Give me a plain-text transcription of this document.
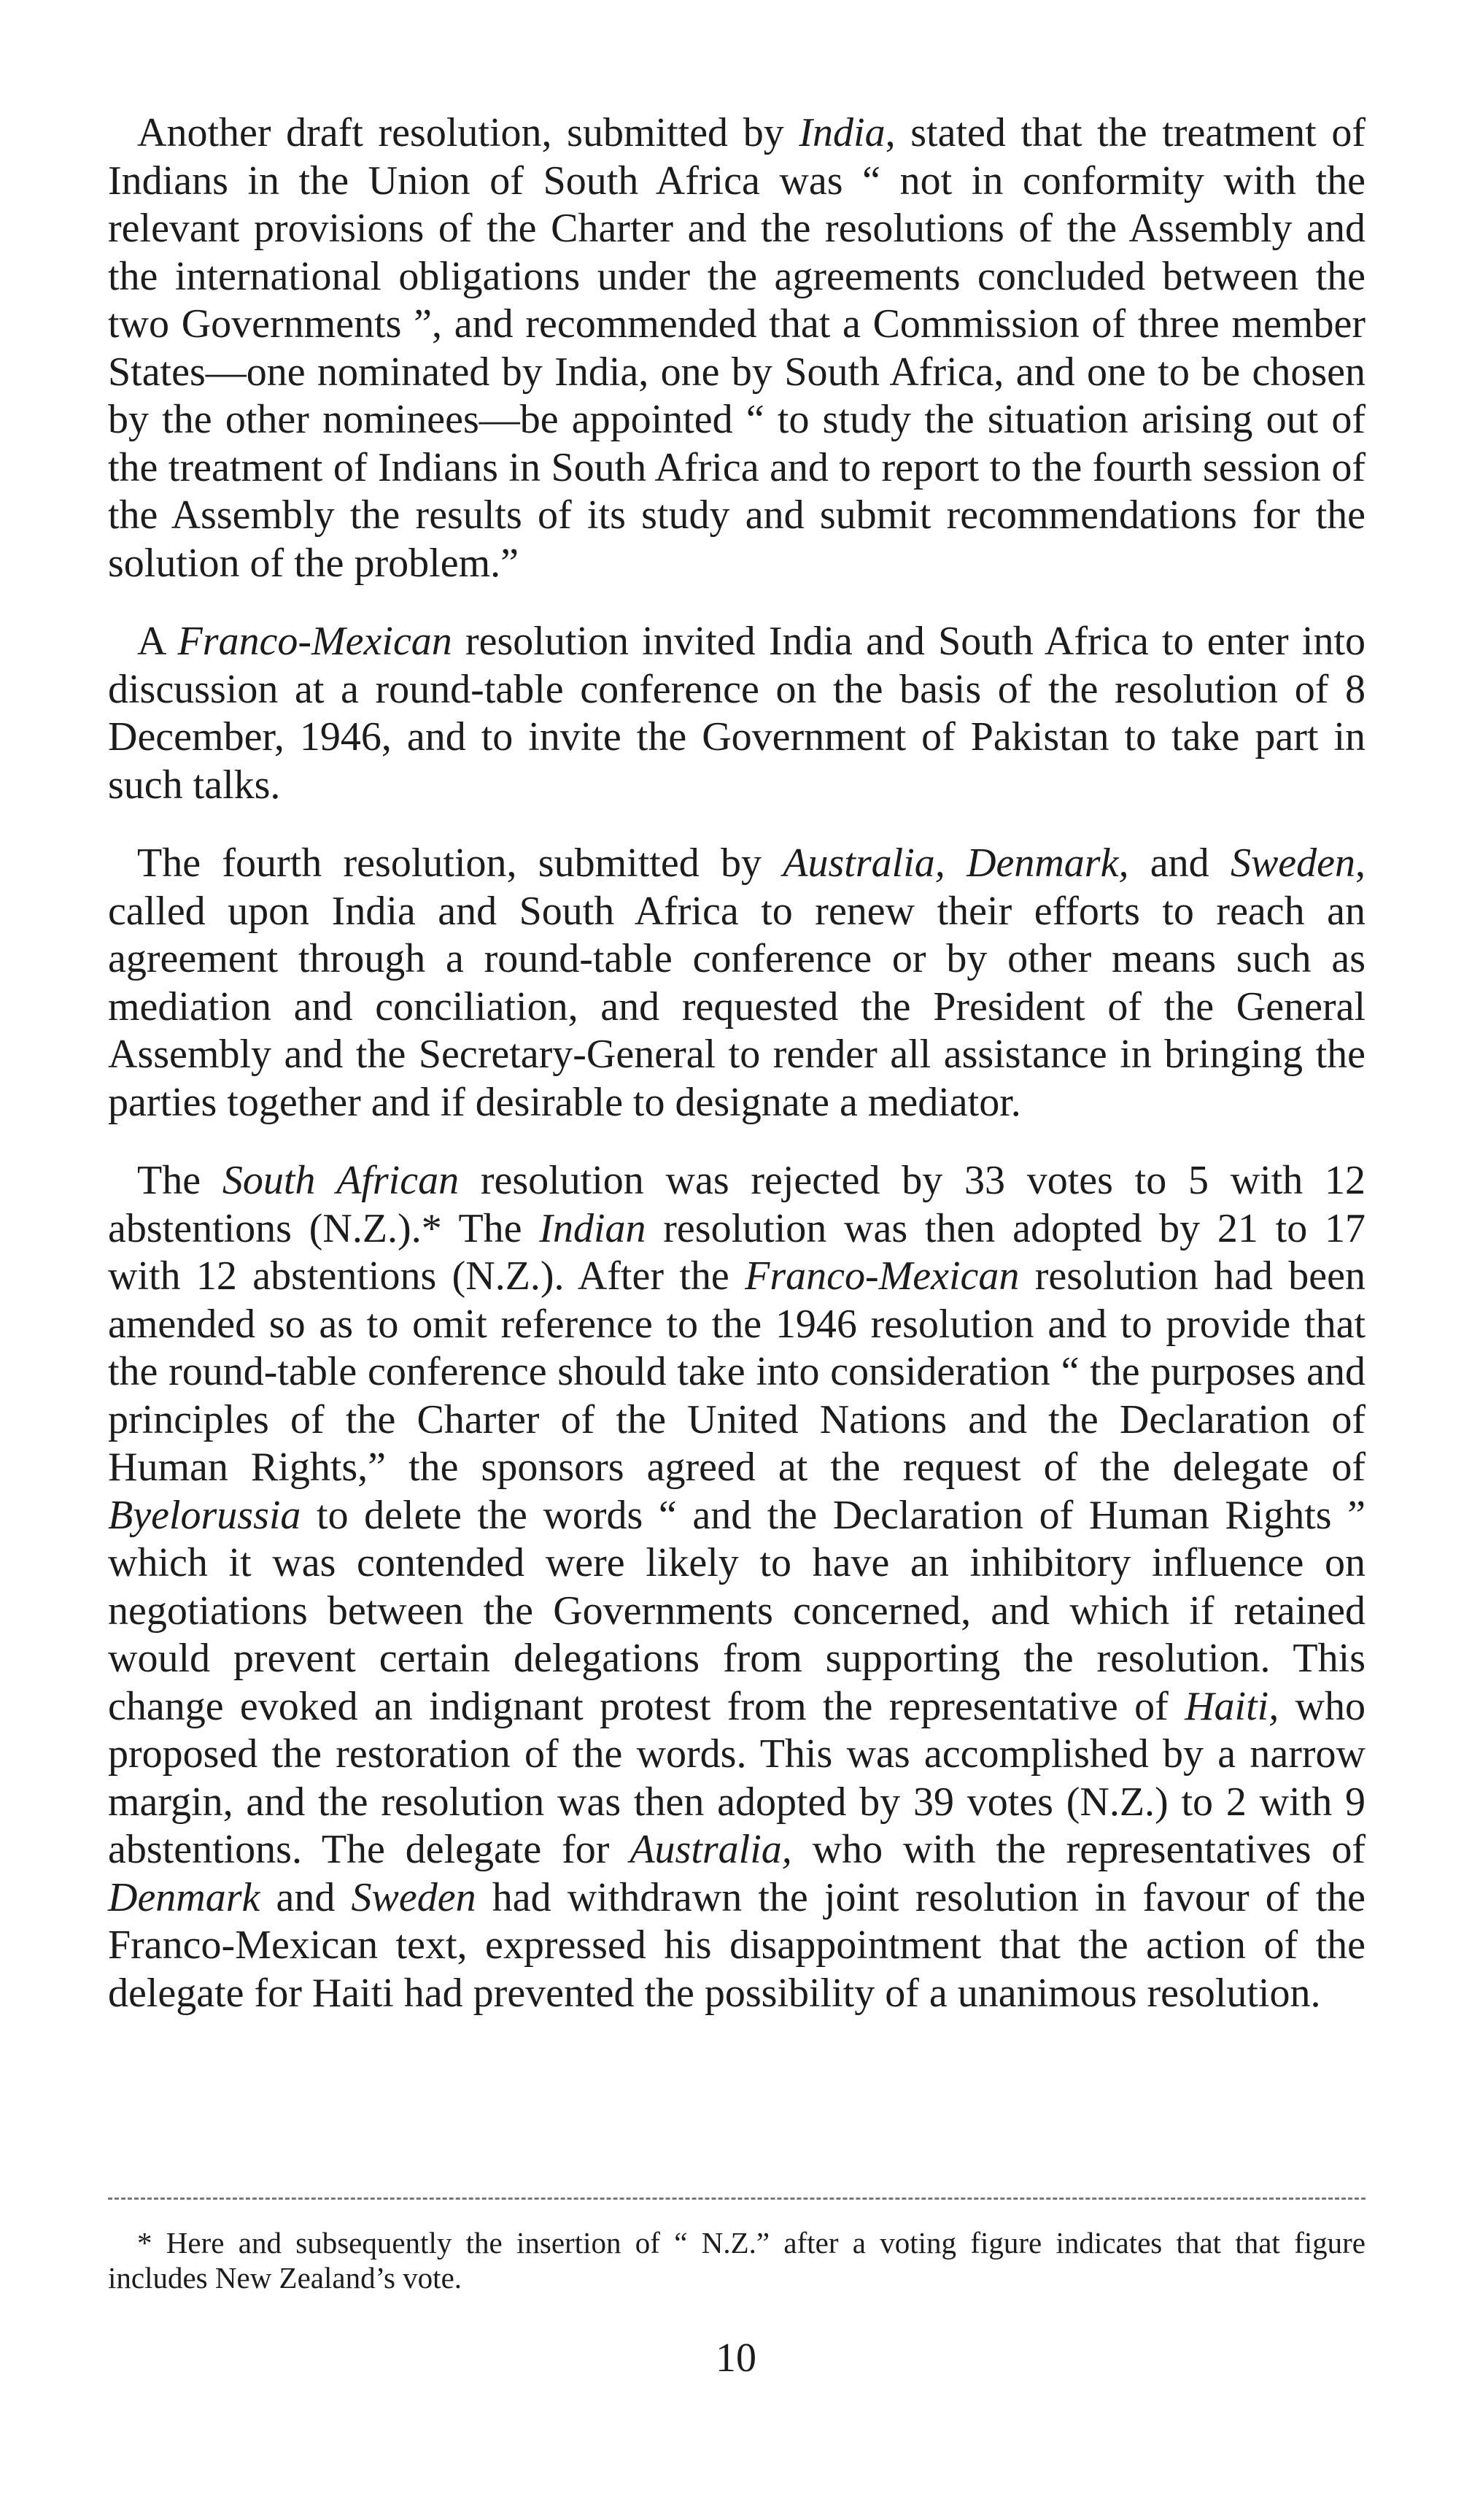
Another draft resolution, submitted by India, stated that the treatment of Indians in the Union of South Africa was “ not in conformity with the relevant provisions of the Charter and the resolutions of the Assembly and the international obligations under the agreements concluded between the two Governments ”, and recommended that a Commission of three member States—one nominated by India, one by South Africa, and one to be chosen by the other nominees—be appointed “ to study the situation arising out of the treatment of Indians in South Africa and to report to the fourth session of the Assembly the results of its study and submit recommendations for the solution of the problem.”

A Franco-Mexican resolution invited India and South Africa to enter into discussion at a round-table conference on the basis of the resolution of 8 December, 1946, and to invite the Government of Pakistan to take part in such talks.

The fourth resolution, submitted by Australia, Denmark, and Sweden, called upon India and South Africa to renew their efforts to reach an agreement through a round-table conference or by other means such as mediation and conciliation, and requested the President of the General Assembly and the Secretary-General to render all assistance in bringing the parties together and if desirable to designate a mediator.

The South African resolution was rejected by 33 votes to 5 with 12 abstentions (N.Z.).* The Indian resolution was then adopted by 21 to 17 with 12 abstentions (N.Z.). After the Franco-Mexican resolution had been amended so as to omit reference to the 1946 resolution and to provide that the round-table conference should take into consideration “ the purposes and principles of the Charter of the United Nations and the Declaration of Human Rights,” the sponsors agreed at the request of the delegate of Byelorussia to delete the words “ and the Declaration of Human Rights ” which it was contended were likely to have an inhibitory influence on negotiations between the Governments concerned, and which if retained would prevent certain delegations from supporting the resolution. This change evoked an indignant protest from the representative of Haiti, who proposed the restoration of the words. This was accomplished by a narrow margin, and the resolution was then adopted by 39 votes (N.Z.) to 2 with 9 abstentions. The delegate for Australia, who with the representatives of Denmark and Sweden had withdrawn the joint resolution in favour of the Franco-Mexican text, expressed his disappointment that the action of the delegate for Haiti had prevented the possibility of a unanimous resolution.

* Here and subsequently the insertion of “ N.Z.” after a voting figure indicates that that figure includes New Zealand’s vote.

10
